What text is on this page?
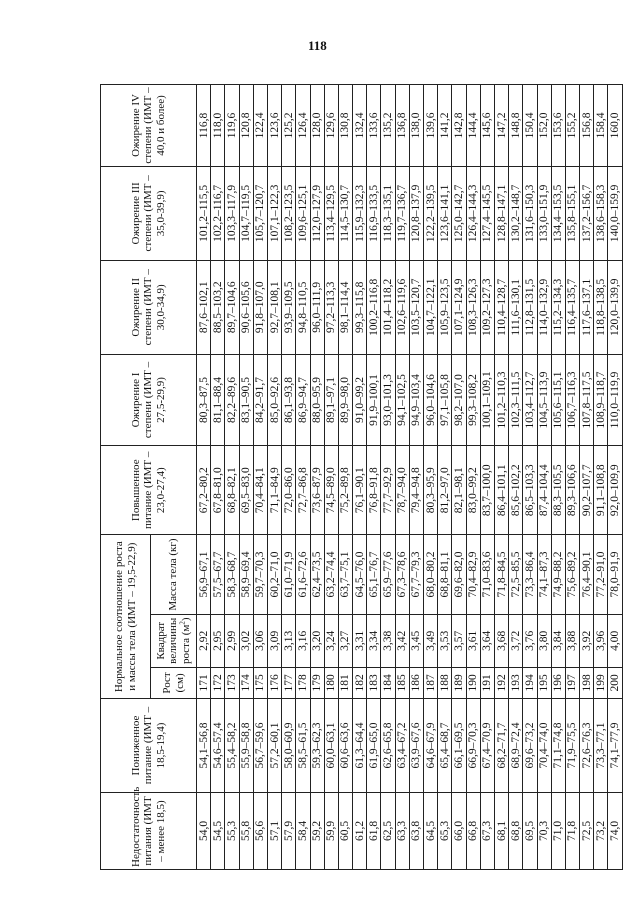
118
Недостаточность питания (ИМТ – менее 18,5)	Пониженное питание (ИМТ – 18,5-19,4)	Нормальное соотношение роста и массы тела (ИМТ – 19,5-22,9)			Повышенное питание (ИМТ – 23,0-27,4)	Ожирение I степени (ИМТ – 27,5-29,9)	Ожирение II степени (ИМТ – 30,0-34,9)	Ожирение III степени (ИМТ – 35,0-39,9)	Ожирение IV степени (ИМТ – 40,0 и более)
		Рост (см)	Квадрат величины роста $(м^2)$	Масса тела (кг)					
54,0	54,1–56,8	171	2,92	56,9–67,1	67,2–80,2	80,3–87,5	87,6–102,1	101,2–115,5	116,8
54,5	54,6–57,4	172	2,95	57,5–67,7	67,8–81,0	81,1–88,4	88,5–103,2	102,2–116,7	118,0
55,3	55,4–58,2	173	2,99	58,3–68,7	68,8–82,1	82,2–89,6	89,7–104,6	103,3–117,9	119,6
55,8	55,9–58,8	174	3,02	58,9–69,4	69,5–83,0	83,1–90,5	90,6–105,6	104,7–119,5	120,8
56,6	56,7–59,6	175	3,06	59,7–70,3	70,4–84,1	84,2–91,7	91,8–107,0	105,7–120,7	122,4
57,1	57,2–60,1	176	3,09	60,2–71,0	71,1–84,9	85,0–92,6	92,7–108,1	107,1–122,3	123,6
57,9	58,0–60,9	177	3,13	61,0–71,9	72,0–86,0	86,1–93,8	93,9–109,5	108,2–123,5	125,2
58,4	58,5–61,5	178	3,16	61,6–72,6	72,7–86,8	86,9–94,7	94,8–110,5	109,6–125,1	126,4
59,2	59,3–62,3	179	3,20	62,4–73,5	73,6–87,9	88,0–95,9	96,0–111,9	112,0–127,9	128,0
59,9	60,0–63,1	180	3,24	63,2–74,4	74,5–89,0	89,1–97,1	97,2–113,3	113,4–129,5	129,6
60,5	60,6–63,6	181	3,27	63,7–75,1	75,2–89,8	89,9–98,0	98,1–114,4	114,5–130,7	130,8
61,2	61,3–64,4	182	3,31	64,5–76,0	76,1–90,1	91,0–99,2	99,3–115,8	115,9–132,3	132,4
61,8	61,9–65,0	183	3,34	65,1–76,7	76,8–91,8	91,9–100,1	100,2–116,8	116,9–133,5	133,6
62,5	62,6–65,8	184	3,38	65,9–77,6	77,7–92,9	93,0–101,3	101,4–118,2	118,3–135,1	135,2
63,3	63,4–67,2	185	3,42	67,3–78,6	78,7–94,0	94,1–102,5	102,6–119,6	119,7–136,7	136,8
63,8	63,9–67,6	186	3,45	67,7–79,3	79,4–94,8	94,9–103,4	103,5–120,7	120,8–137,9	138,0
64,5	64,6–67,9	187	3,49	68,0–80,2	80,3–95,9	96,0–104,6	104,7–122,1	122,2–139,5	139,6
65,3	65,4–68,7	188	3,53	68,8–81,1	81,2–97,0	97,1–105,8	105,9–123,5	123,6–141,1	141,2
66,0	66,1–69,5	189	3,57	69,6–82,0	82,1–98,1	98,2–107,0	107,1–124,9	125,0–142,7	142,8
66,8	66,9–70,3	190	3,61	70,4–82,9	83,0–99,2	99,3–108,2	108,3–126,3	126,4–144,3	144,4
67,3	67,4–70,9	191	3,64	71,0–83,6	83,7–100,0	100,1–109,1	109,2–127,3	127,4–145,5	145,6
68,1	68,2–71,7	192	3,68	71,8–84,5	86,4–101,1	101,2–110,3	110,4–128,7	128,8–147,1	147,2
68,8	68,9–72,4	193	3,72	72,5–85,5	85,6–102,2	102,3–111,5	111,6–130,1	130,2–148,7	148,8
69,5	69,6–73,2	194	3,76	73,3–86,4	86,5–103,3	103,4–112,7	112,8–131,5	131,6–150,3	150,4
70,3	70,4–74,0	195	3,80	74,1–87,3	87,4–104,4	104,5–113,9	114,0–132,9	133,0–151,9	152,0
71,0	71,1–74,8	196	3,84	74,9–88,2	88,3–105,5	105,6–115,1	115,2–134,3	134,4–153,5	153,6
71,8	71,9–75,5	197	3,88	75,6–89,2	89,3–106,6	106,7–116,3	116,4–135,7	135,8–155,1	155,2
72,5	72,6–76,3	198	3,92	76,4–90,1	90,2–107,7	107,8–117,5	117,6–137,1	137,2–156,7	156,8
73,2	73,3–77,1	199	3,96	77,2–91,0	91,1–108,8	108,9–118,7	118,8–138,5	138,6–158,3	158,4
74,0	74,1–77,9	200	4,00	78,0–91,9	92,0–109,9	110,0–119,9	120,0–139,9	140,0–159,9	160,0
